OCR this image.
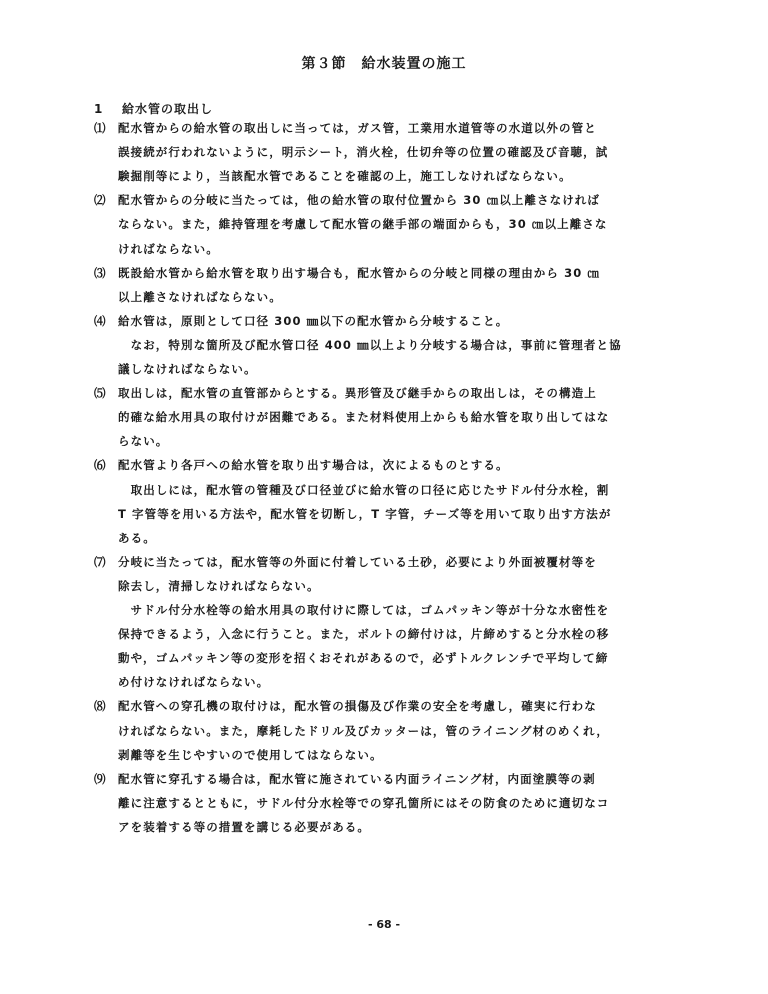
第３節　給水装置の施工
1 給水管の取出し
⑴ 配水管からの給水管の取出しに当っては，ガス管，工業用水道管等の水道以外の管と
誤接続が行われないように，明示シート，消火栓，仕切弁等の位置の確認及び音聴，試
験掘削等により，当該配水管であることを確認の上，施工しなければならない。
⑵ 配水管からの分岐に当たっては，他の給水管の取付位置から 30 ㎝以上離さなければ
ならない。また，維持管理を考慮して配水管の継手部の端面からも，30 ㎝以上離さな
ければならない。
⑶ 既設給水管から給水管を取り出す場合も，配水管からの分岐と同様の理由から 30 ㎝
以上離さなければならない。
⑷ 給水管は，原則として口径 300 ㎜以下の配水管から分岐すること。
　なお，特別な箇所及び配水管口径 400 ㎜以上より分岐する場合は，事前に管理者と協
議しなければならない。
⑸ 取出しは，配水管の直管部からとする。異形管及び継手からの取出しは，その構造上
的確な給水用具の取付けが困難である。また材料使用上からも給水管を取り出してはな
らない。
⑹ 配水管より各戸への給水管を取り出す場合は，次によるものとする。
　取出しには，配水管の管種及び口径並びに給水管の口径に応じたサドル付分水栓，割
T 字管等を用いる方法や，配水管を切断し，T 字管，チーズ等を用いて取り出す方法が
ある。
⑺ 分岐に当たっては，配水管等の外面に付着している土砂，必要により外面被覆材等を
除去し，清掃しなければならない。
　サドル付分水栓等の給水用具の取付けに際しては，ゴムパッキン等が十分な水密性を
保持できるよう，入念に行うこと。また，ボルトの締付けは，片締めすると分水栓の移
動や，ゴムパッキン等の変形を招くおそれがあるので，必ずトルクレンチで平均して締
め付けなければならない。
⑻ 配水管への穿孔機の取付けは，配水管の損傷及び作業の安全を考慮し，確実に行わな
ければならない。また，摩耗したドリル及びカッターは，管のライニング材のめくれ，
剥離等を生じやすいので使用してはならない。
⑼ 配水管に穿孔する場合は，配水管に施されている内面ライニング材，内面塗膜等の剥
離に注意するとともに，サドル付分水栓等での穿孔箇所にはその防食のために適切なコ
アを装着する等の措置を講じる必要がある。
- 68 -
